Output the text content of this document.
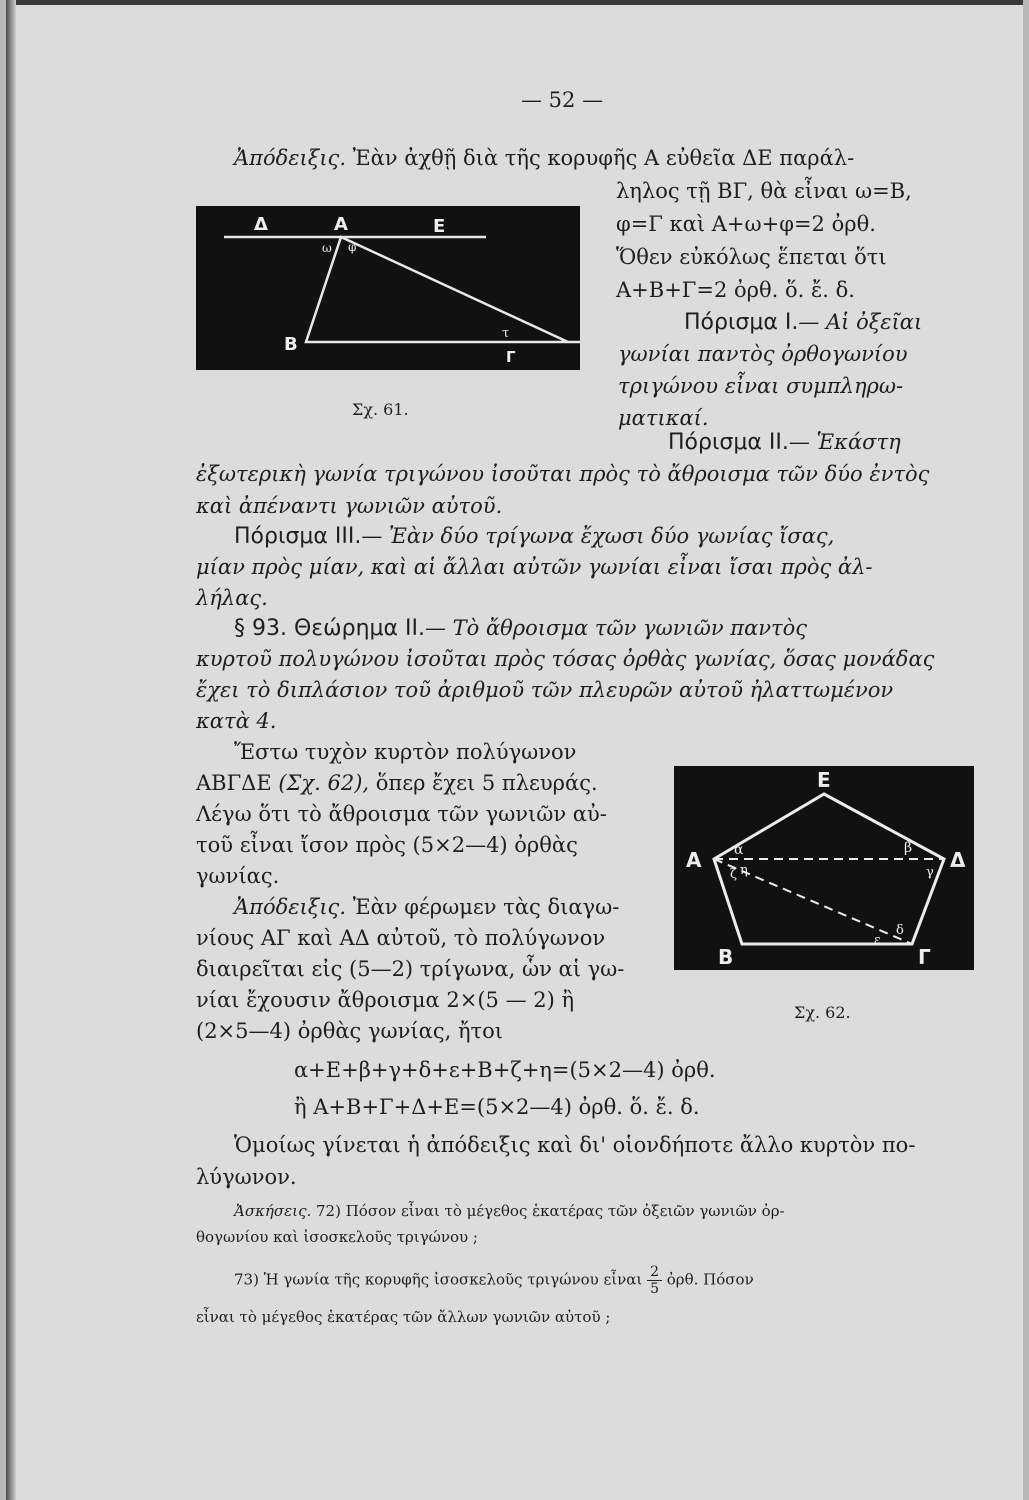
— 52 —
Ἀπόδειξις. Ἐὰν ἀχθῇ διὰ τῆς κορυφῆς Α εὐθεῖα ΔΕ παράλ-
ληλος τῇ ΒΓ, θὰ εἶναι ω=Β,
φ=Γ καὶ Α+ω+φ=2 ὀρθ.
Ὅθεν εὐκόλως ἕπεται ὅτι
Α+Β+Γ=2 ὀρθ. ὅ. ἔ. δ.
Δ	Α	Ε
ω φ
Β
τ
Γ
Σχ. 61.
Πόρισμα Ι.— Αἱ ὀξεῖαι
γωνίαι παντὸς ὀρθογωνίου
τριγώνου εἶναι συμπληρω-
ματικαί.
Πόρισμα ΙΙ.— Ἑκάστη
ἐξωτερικὴ γωνία τριγώνου ἰσοῦται πρὸς τὸ ἄθροισμα τῶν δύο ἐντὸς
καὶ ἀπέναντι γωνιῶν αὐτοῦ.
Πόρισμα ΙΙΙ.— Ἐὰν δύο τρίγωνα ἔχωσι δύο γωνίας ἴσας,
μίαν πρὸς μίαν, καὶ αἱ ἄλλαι αὐτῶν γωνίαι εἶναι ἴσαι πρὸς ἀλ-
λήλας.
§ 93. Θεώρημα ΙΙ.— Τὸ ἄθροισμα τῶν γωνιῶν παντὸς
κυρτοῦ πολυγώνου ἰσοῦται πρὸς τόσας ὀρθὰς γωνίας, ὅσας μονάδας
ἔχει τὸ διπλάσιον τοῦ ἀριθμοῦ τῶν πλευρῶν αὐτοῦ ἠλαττωμένον
κατὰ 4.
Ἔστω τυχὸν κυρτὸν πολύγωνον
ΑΒΓΔΕ (Σχ. 62), ὅπερ ἔχει 5 πλευράς.
Λέγω ὅτι τὸ ἄθροισμα τῶν γωνιῶν αὐ-
τοῦ εἶναι ἴσον πρὸς (5×2—4) ὀρθὰς
γωνίας.
Ἀπόδειξις. Ἐὰν φέρωμεν τὰς διαγω-
νίους ΑΓ καὶ ΑΔ αὐτοῦ, τὸ πολύγωνον
διαιρεῖται εἰς (5—2) τρίγωνα, ὧν αἱ γω-
νίαι ἔχουσιν ἄθροισμα 2×(5 — 2) ἢ
(2×5—4) ὀρθὰς γωνίας, ἤτοι
Ε
Α	Δ
Β	Γ
α
ζ η
β
γ
δ
ε
Σχ. 62.
α+Ε+β+γ+δ+ε+Β+ζ+η=(5×2—4) ὀρθ.
ἢ Α+Β+Γ+Δ+Ε=(5×2—4) ὀρθ. ὅ. ἔ. δ.
Ὁμοίως γίνεται ἡ ἀπόδειξις καὶ δι' οἱονδήποτε ἄλλο κυρτὸν πο-
λύγωνον.
Ἀσκήσεις. 72) Πόσον εἶναι τὸ μέγεθος ἑκατέρας τῶν ὀξειῶν γωνιῶν ὀρ-
θογωνίου καὶ ἰσοσκελοῦς τριγώνου ;
73) Ἡ γωνία τῆς κορυφῆς ἰσοσκελοῦς τριγώνου εἶναι $\frac{2}{5}$ ὀρθ. Πόσον
εἶναι τὸ μέγεθος ἑκατέρας τῶν ἄλλων γωνιῶν αὐτοῦ ;
